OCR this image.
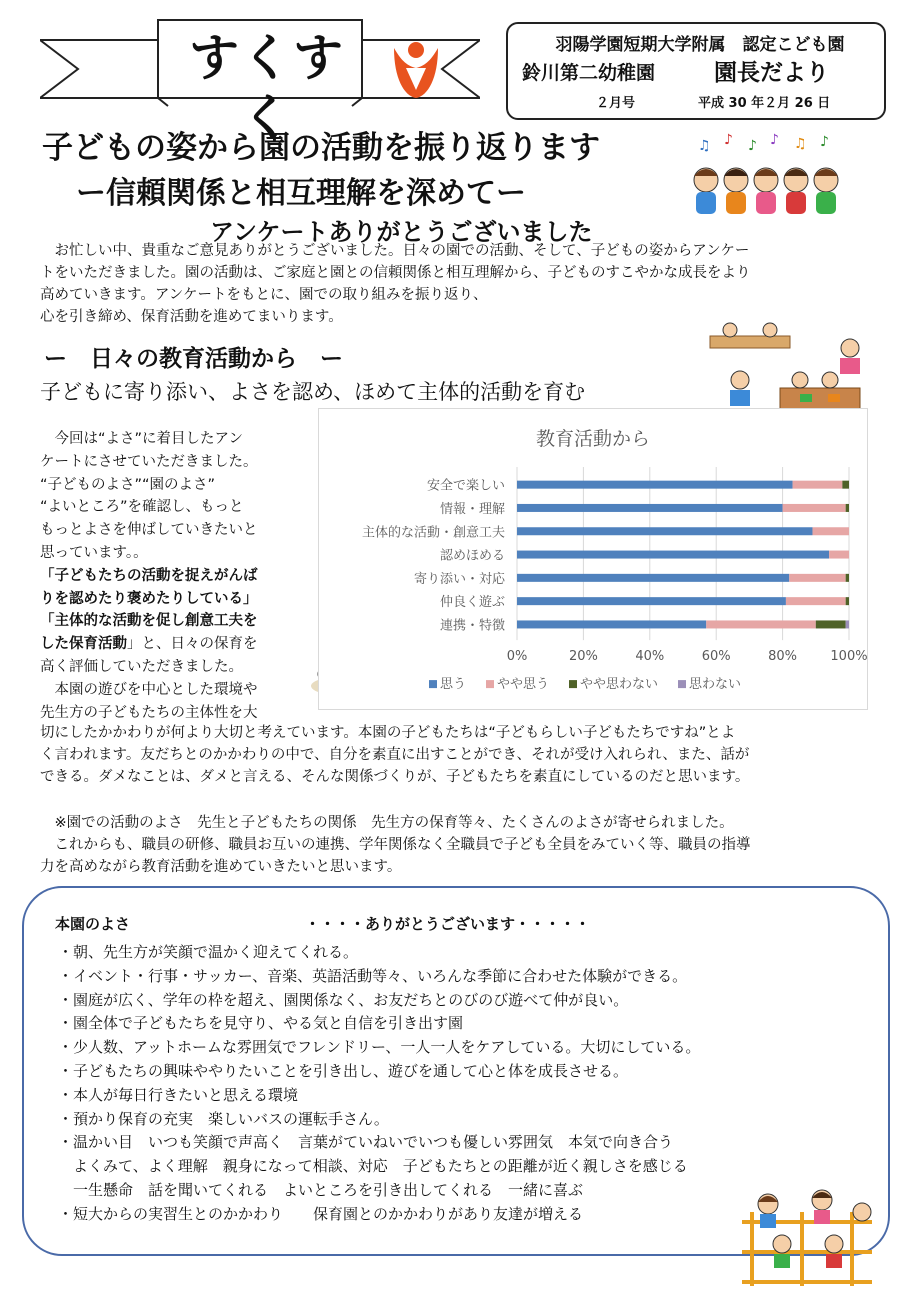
すくすく
羽陽学園短期大学附属　認定こども園
鈴川第二幼稚園	園長だより
２月号	平成 30 年２月 26 日
子どもの姿から園の活動を振り返ります
ー信頼関係と相互理解を深めてー
アンケートありがとうございました
♫ ♪ ♪ ♪ ♫ ♪

　お忙しい中、貴重なご意見ありがとうございました。日々の園での活動、そして、子どもの姿からアンケー

トをいただきました。園の活動は、ご家庭と園との信頼関係と相互理解から、子どものすこやかな成長をより

高めていきます。アンケートをもとに、園での取り組みを振り返り、

心を引き締め、保育活動を進めてまいります。

ー　日々の教育活動から　ー
子どもに寄り添い、よさを認め、ほめて主体的活動を育む

　今回は“よさ”に着目したアン

ケートにさせていただきました。

“子どものよさ”“園のよさ”

“よいところ”を確認し、もっと

もっとよさを伸ばしていきたいと

思っています。。

「子どもたちの活動を捉えがんば

りを認めたり褒めたりしている」

「主体的な活動を促し創意工夫を

した保育活動」と、日々の保育を

高く評価していただきました。

　本園の遊びを中心とした環境や

先生方の子どもたちの主体性を大

教育活動から
0%	20%	40%	60%	80%	100%
安全で楽しい
情報・理解
主体的な活動・創意工夫
認めほめる
寄り添い・対応
仲良く遊ぶ
連携・特徴
思う やや思う やや思わない 思わない

切にしたかかわりが何より大切と考えています。本園の子どもたちは“子どもらしい子どもたちですね”とよ

く言われます。友だちとのかかわりの中で、自分を素直に出すことができ、それが受け入れられ、また、話が

できる。ダメなことは、ダメと言える、そんな関係づくりが、子どもたちを素直にしているのだと思います。

　※園での活動のよさ　先生と子どもたちの関係　先生方の保育等々、たくさんのよさが寄せられました。

　これからも、職員の研修、職員お互いの連携、学年関係なく全職員で子ども全員をみていく等、職員の指導

力を高めながら教育活動を進めていきたいと思います。

本園のよさ	・・・・ありがとうございます・・・・・
・朝、先生方が笑顔で温かく迎えてくれる。
・イベント・行事・サッカー、音楽、英語活動等々、いろんな季節に合わせた体験ができる。
・園庭が広く、学年の枠を超え、園関係なく、お友だちとのびのび遊べて仲が良い。
・園全体で子どもたちを見守り、やる気と自信を引き出す園
・少人数、アットホームな雰囲気でフレンドリー、一人一人をケアしている。大切にしている。
・子どもたちの興味ややりたいことを引き出し、遊びを通して心と体を成長させる。
・本人が毎日行きたいと思える環境
・預かり保育の充実　楽しいバスの運転手さん。
・温かい目　いつも笑顔で声高く　言葉がていねいでいつも優しい雰囲気　本気で向き合う
　よくみて、よく理解　親身になって相談、対応　子どもたちとの距離が近く親しさを感じる
　一生懸命　話を聞いてくれる　よいところを引き出してくれる　一緒に喜ぶ
・短大からの実習生とのかかわり　　保育園とのかかわりがあり友達が増える
